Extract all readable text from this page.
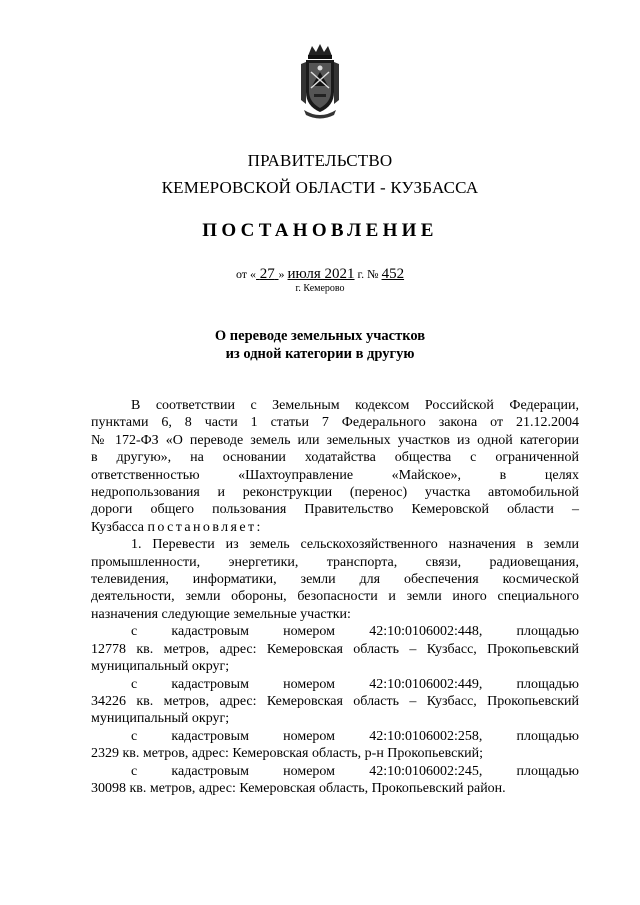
ПРАВИТЕЛЬСТВО
КЕМЕРОВСКОЙ ОБЛАСТИ - КУЗБАССА
ПОСТАНОВЛЕНИЕ
от « 27 » июля 2021 г. № 452
г. Кемерово
О переводе земельных участков
из одной категории в другую
В соответствии с Земельным кодексом Российской Федерации,
пунктами 6, 8 части 1 статьи 7 Федерального закона от 21.12.2004
№ 172-ФЗ «О переводе земель или земельных участков из одной категории
в другую», на основании ходатайства общества с ограниченной
ответственностью «Шахтоуправление «Майское», в целях
недропользования и реконструкции (перенос) участка автомобильной
дороги общего пользования Правительство Кемеровской области –
Кузбасса постановляет:
1. Перевести из земель сельскохозяйственного назначения в земли
промышленности, энергетики, транспорта, связи, радиовещания,
телевидения, информатики, земли для обеспечения космической
деятельности, земли обороны, безопасности и земли иного специального
назначения следующие земельные участки:
с кадастровым номером 42:10:0106002:448, площадью
12778 кв. метров, адрес: Кемеровская область – Кузбасс, Прокопьевский
муниципальный округ;
с кадастровым номером 42:10:0106002:449, площадью
34226 кв. метров, адрес: Кемеровская область – Кузбасс, Прокопьевский
муниципальный округ;
с кадастровым номером 42:10:0106002:258, площадью
2329 кв. метров, адрес: Кемеровская область, р-н Прокопьевский;
с кадастровым номером 42:10:0106002:245, площадью
30098 кв. метров, адрес: Кемеровская область, Прокопьевский район.
